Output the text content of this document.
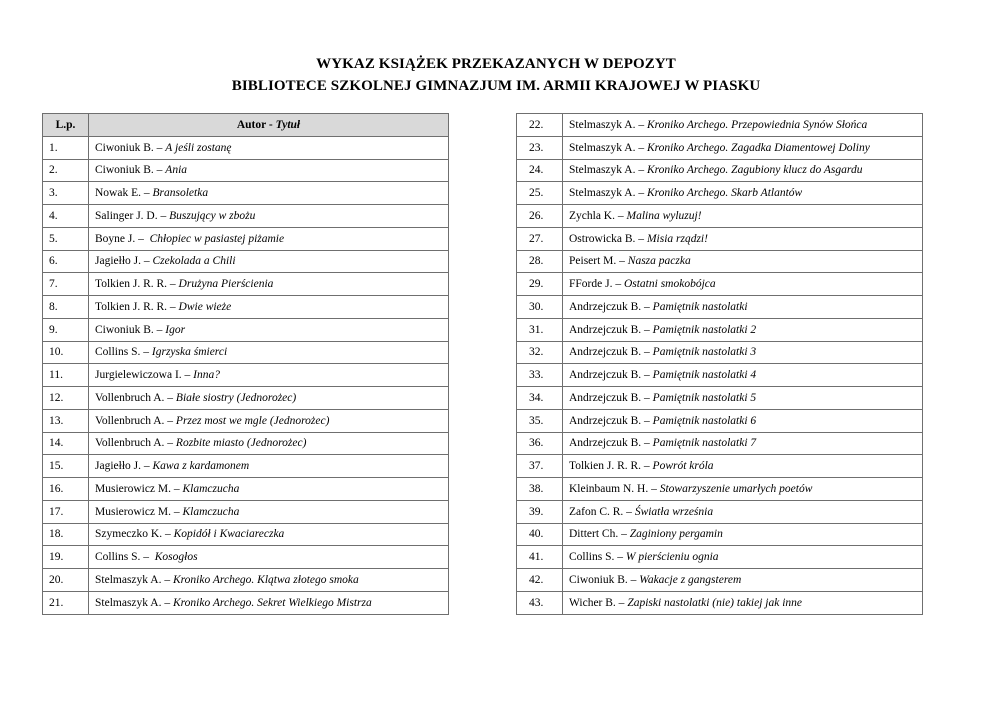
WYKAZ KSIĄŻEK PRZEKAZANYCH W DEPOZYT
BIBLIOTECE SZKOLNEJ GIMNAZJUM IM. ARMII KRAJOWEJ W PIASKU
L.p.	Autor - Tytuł
1.	Ciwoniuk B. – A jeśli zostanę
2.	Ciwoniuk B. – Ania
3.	Nowak E. – Bransoletka
4.	Salinger J. D. – Buszujący w zbożu
5.	Boyne J. –  Chłopiec w pasiastej piżamie
6.	Jagiełło J. – Czekolada a Chili
7.	Tolkien J. R. R. – Drużyna Pierścienia
8.	Tolkien J. R. R. – Dwie wieże
9.	Ciwoniuk B. – Igor
10.	Collins S. – Igrzyska śmierci
11.	Jurgielewiczowa I. – Inna?
12.	Vollenbruch A. – Białe siostry (Jednorożec)
13.	Vollenbruch A. – Przez most we mgle (Jednorożec)
14.	Vollenbruch A. – Rozbite miasto (Jednorożec)
15.	Jagiełło J. – Kawa z kardamonem
16.	Musierowicz M. – Klamczucha
17.	Musierowicz M. – Klamczucha
18.	Szymeczko K. – Kopidół i Kwaciareczka
19.	Collins S. –  Kosogłos
20.	Stelmaszyk A. – Kroniko Archego. Klątwa złotego smoka
21.	Stelmaszyk A. – Kroniko Archego. Sekret Wielkiego Mistrza
22.	Stelmaszyk A. – Kroniko Archego. Przepowiednia Synów Słońca
23.	Stelmaszyk A. – Kroniko Archego. Zagadka Diamentowej Doliny
24.	Stelmaszyk A. – Kroniko Archego. Zagubiony klucz do Asgardu
25.	Stelmaszyk A. – Kroniko Archego. Skarb Atlantów
26.	Zychla K. – Malina wyluzuj!
27.	Ostrowicka B. – Misia rządzi!
28.	Peisert M. – Nasza paczka
29.	FForde J. – Ostatni smokobójca
30.	Andrzejczuk B. – Pamiętnik nastolatki
31.	Andrzejczuk B. – Pamiętnik nastolatki 2
32.	Andrzejczuk B. – Pamiętnik nastolatki 3
33.	Andrzejczuk B. – Pamiętnik nastolatki 4
34.	Andrzejczuk B. – Pamiętnik nastolatki 5
35.	Andrzejczuk B. – Pamiętnik nastolatki 6
36.	Andrzejczuk B. – Pamiętnik nastolatki 7
37.	Tolkien J. R. R. – Powrót króla
38.	Kleinbaum N. H. – Stowarzyszenie umarłych poetów
39.	Zafon C. R. – Światła września
40.	Dittert Ch. – Zaginiony pergamin
41.	Collins S. – W pierścieniu ognia
42.	Ciwoniuk B. – Wakacje z gangsterem
43.	Wicher B. – Zapiski nastolatki (nie) takiej jak inne
